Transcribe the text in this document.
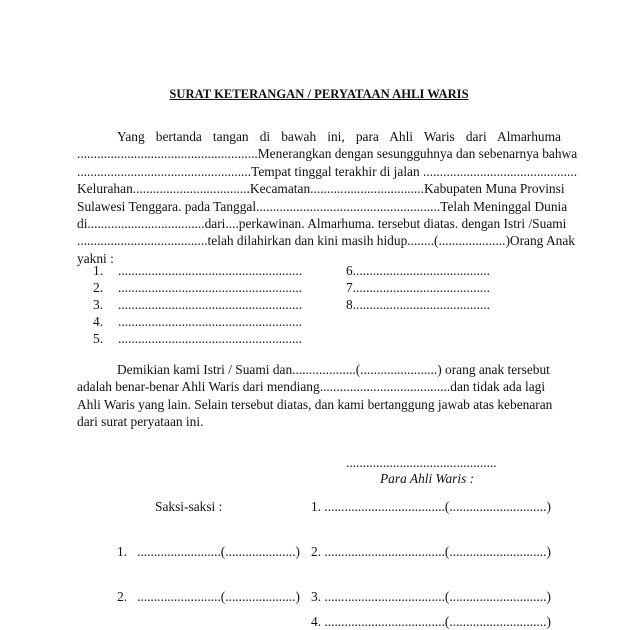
SURAT KETERANGAN / PERYATAAN AHLI WARIS
Yang bertanda tangan di bawah ini, para Ahli Waris dari Almarhuma
......................................................Menerangkan dengan sesungguhnya dan sebenarnya bahwa
....................................................Tempat tinggal terakhir di jalan ..............................................
Kelurahan...................................Kecamatan..................................Kabupaten Muna Provinsi
Sulawesi Tenggara. pada Tanggal.......................................................Telah Meninggal Dunia
di...................................dari....perkawinan. Almarhuma. tersebut diatas. dengan Istri /Suami
.......................................telah dilahirkan dan kini masih hidup........(....................)Orang Anak
yakni :
1. .......................................................
2. .......................................................
3. .......................................................
4. .......................................................
5. .......................................................
6.........................................
7.........................................
8.........................................
Demikian kami Istri / Suami dan...................(.......................) orang anak tersebut
adalah benar-benar Ahli Waris dari mendiang.......................................dan tidak ada lagi
Ahli Waris yang lain. Selain tersebut diatas, dan kami bertanggung jawab atas kebenaran
dari surat peryataan ini.
.............................................
Para Ahli Waris :
Saksi-saksi :	1. ....................................(.............................)
1. .........................(.....................) 2. ....................................(.............................)
2. .........................(.....................) 3. ....................................(.............................)
4. ....................................(.............................)
